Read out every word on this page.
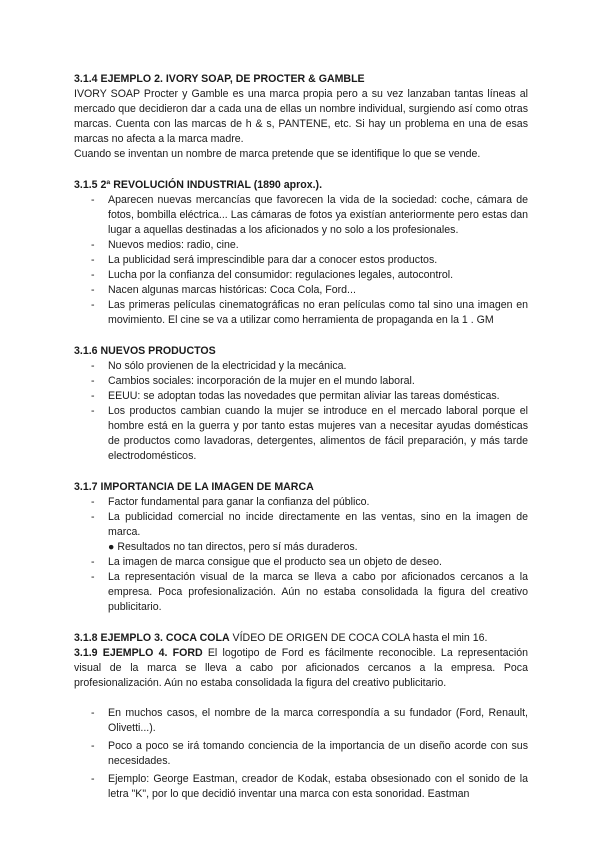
3.1.4 EJEMPLO 2. IVORY SOAP, DE PROCTER & GAMBLE

IVORY SOAP Procter y Gamble es una marca propia pero a su vez lanzaban tantas líneas al mercado que decidieron dar a cada una de ellas un nombre individual, surgiendo así como otras marcas. Cuenta con las marcas de h & s, PANTENE, etc. Si hay un problema en una de esas marcas no afecta a la marca madre.

Cuando se inventan un nombre de marca pretende que se identifique lo que se vende.

3.1.5 2ª REVOLUCIÓN INDUSTRIAL (1890 aprox.).
- Aparecen nuevas mercancías que favorecen la vida de la sociedad: coche, cámara de fotos, bombilla eléctrica... Las cámaras de fotos ya existían anteriormente pero estas dan lugar a aquellas destinadas a los aficionados y no solo a los profesionales.
- Nuevos medios: radio, cine.
- La publicidad será imprescindible para dar a conocer estos productos.
- Lucha por la confianza del consumidor: regulaciones legales, autocontrol.
- Nacen algunas marcas históricas: Coca Cola, Ford...
- Las primeras películas cinematográficas no eran películas como tal sino una imagen en movimiento. El cine se va a utilizar como herramienta de propaganda en la 1 . GM
3.1.6 NUEVOS PRODUCTOS
- No sólo provienen de la electricidad y la mecánica.
- Cambios sociales: incorporación de la mujer en el mundo laboral.
- EEUU: se adoptan todas las novedades que permitan aliviar las tareas domésticas.
- Los productos cambian cuando la mujer se introduce en el mercado laboral porque el hombre está en la guerra y por tanto estas mujeres van a necesitar ayudas domésticas de productos como lavadoras, detergentes, alimentos de fácil preparación, y más tarde electrodomésticos.
3.1.7 IMPORTANCIA DE LA IMAGEN DE MARCA
- Factor fundamental para ganar la confianza del público.
- La publicidad comercial no incide directamente en las ventas, sino en la imagen de marca.
● Resultados no tan directos, pero sí más duraderos.
- La imagen de marca consigue que el producto sea un objeto de deseo.
- La representación visual de la marca se lleva a cabo por aficionados cercanos a la empresa. Poca profesionalización. Aún no estaba consolidada la figura del creativo publicitario.

3.1.8 EJEMPLO 3. COCA COLA VÍDEO DE ORIGEN DE COCA COLA hasta el min 16.

3.1.9 EJEMPLO 4. FORD El logotipo de Ford es fácilmente reconocible. La representación visual de la marca se lleva a cabo por aficionados cercanos a la empresa. Poca profesionalización. Aún no estaba consolidada la figura del creativo publicitario.

- En muchos casos, el nombre de la marca correspondía a su fundador (Ford, Renault, Olivetti...).
- Poco a poco se irá tomando conciencia de la importancia de un diseño acorde con sus necesidades.
- Ejemplo: George Eastman, creador de Kodak, estaba obsesionado con el sonido de la letra "K", por lo que decidió inventar una marca con esta sonoridad. Eastman
